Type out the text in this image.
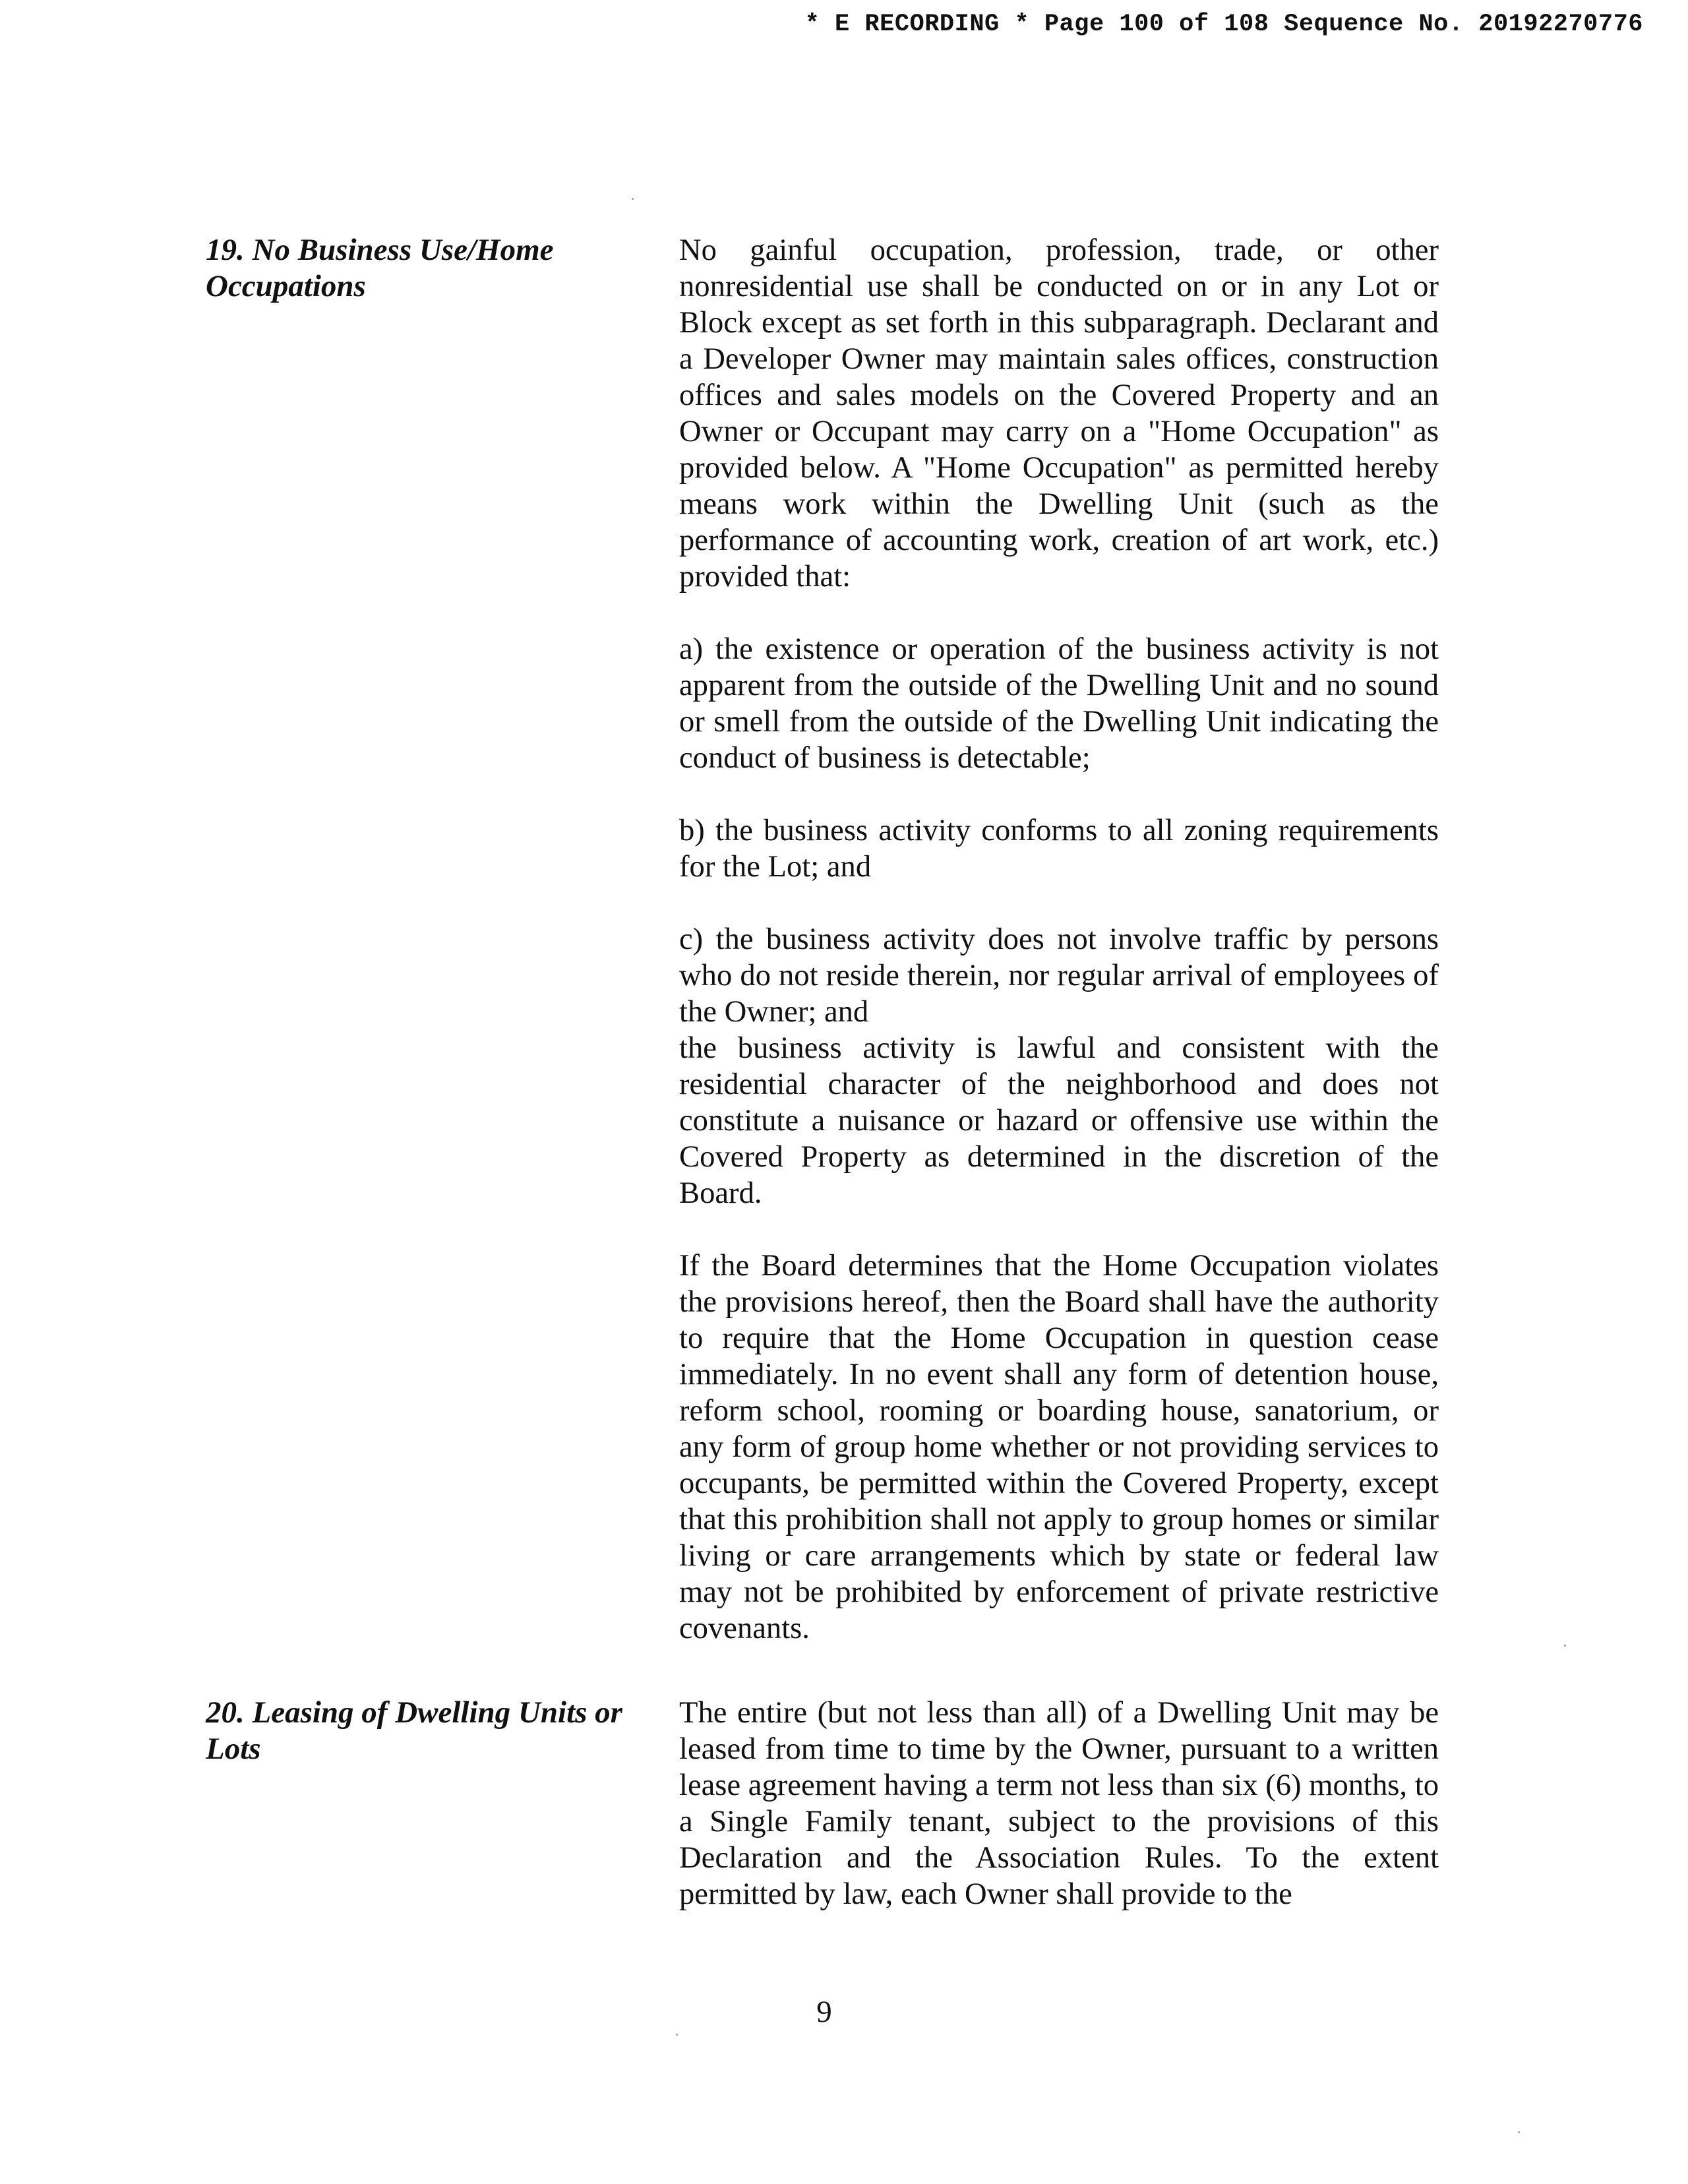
* E RECORDING * Page 100 of 108 Sequence No. 20192270776
19. No Business Use/Home Occupations

No gainful occupation, profession, trade, or other nonresidential use shall be conducted on or in any Lot or Block except as set forth in this subparagraph. Declarant and a Developer Owner may maintain sales offices, construction offices and sales models on the Covered Property and an Owner or Occupant may carry on a "Home Occupation" as provided below. A "Home Occupation" as permitted hereby means work within the Dwelling Unit (such as the performance of accounting work, creation of art work, etc.) provided that:

a) the existence or operation of the business activity is not apparent from the outside of the Dwelling Unit and no sound or smell from the outside of the Dwelling Unit indicating the conduct of business is detectable;

b) the business activity conforms to all zoning requirements for the Lot; and

c) the business activity does not involve traffic by persons who do not reside therein, nor regular arrival of employees of the Owner; and

the business activity is lawful and consistent with the residential character of the neighborhood and does not constitute a nuisance or hazard or offensive use within the Covered Property as determined in the discretion of the Board.

If the Board determines that the Home Occupation violates the provisions hereof, then the Board shall have the authority to require that the Home Occupation in question cease immediately. In no event shall any form of detention house, reform school, rooming or boarding house, sanatorium, or any form of group home whether or not providing services to occupants, be permitted within the Covered Property, except that this prohibition shall not apply to group homes or similar living or care arrangements which by state or federal law may not be prohibited by enforcement of private restrictive covenants.

20. Leasing of Dwelling Units or Lots

The entire (but not less than all) of a Dwelling Unit may be leased from time to time by the Owner, pursuant to a written lease agreement having a term not less than six (6) months, to a Single Family tenant, subject to the provisions of this Declaration and the Association Rules. To the extent permitted by law, each Owner shall provide to the

9
